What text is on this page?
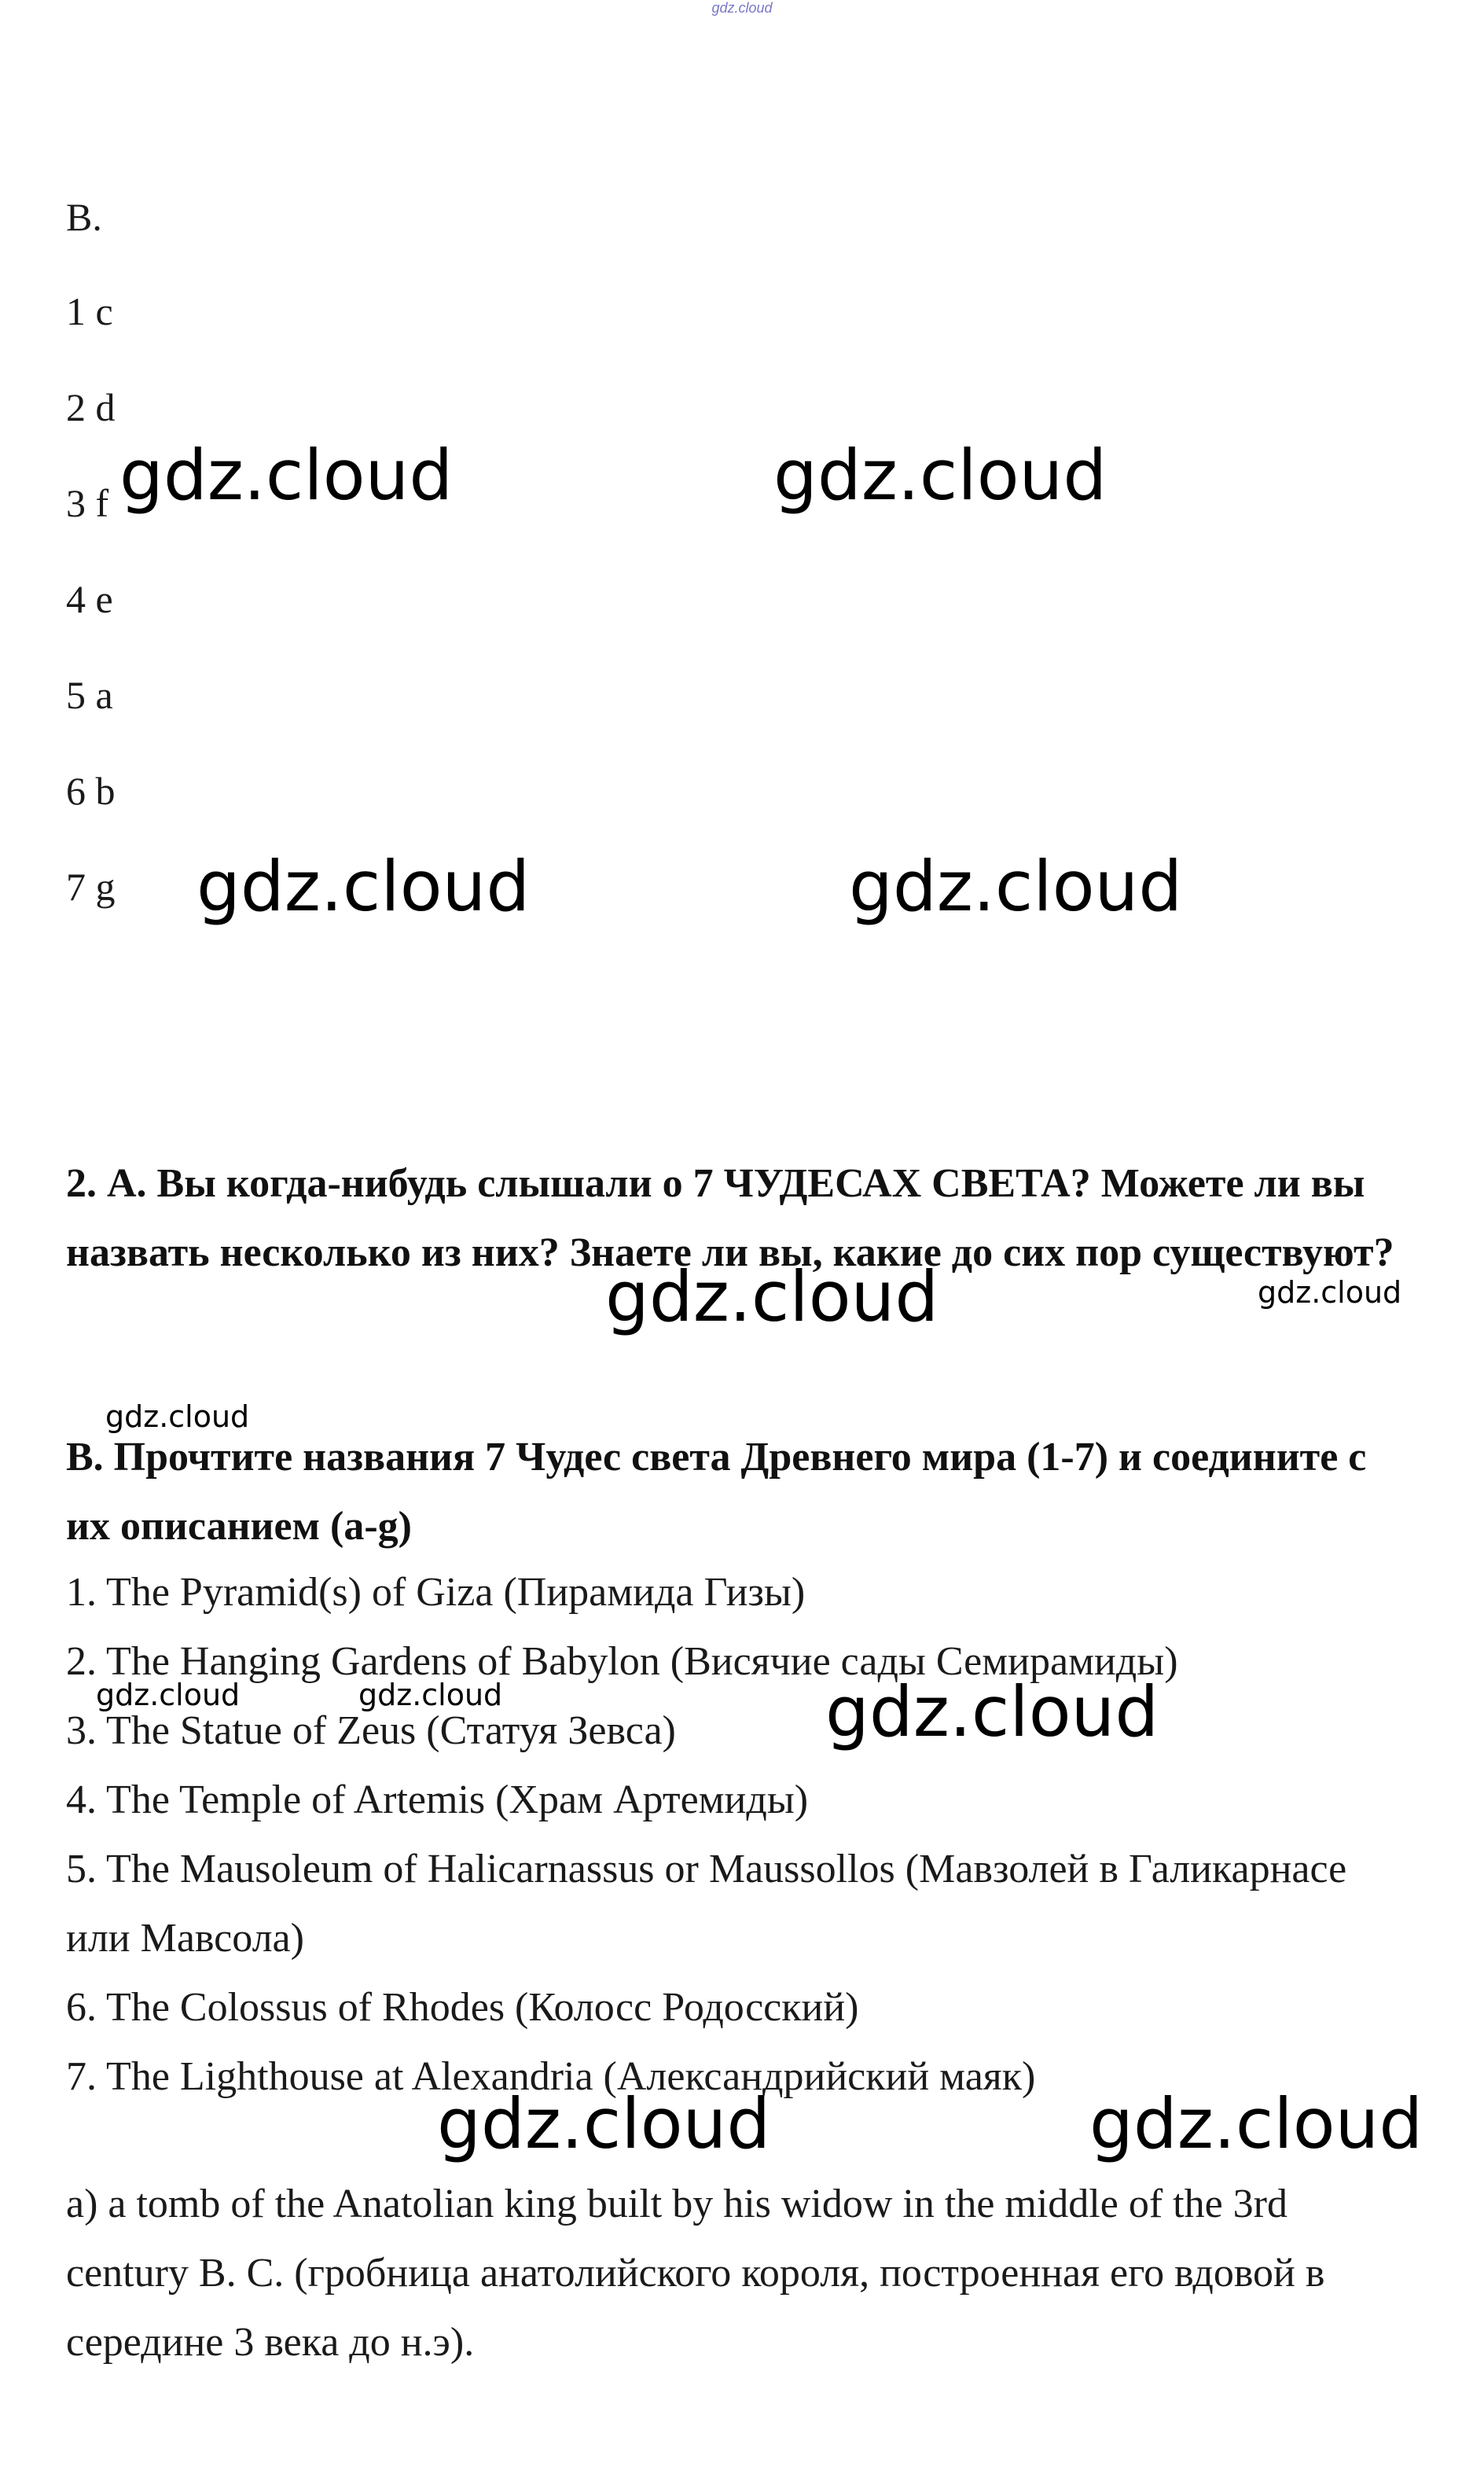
gdz.cloud
B.
1 c
2 d
3 f
4 e
5 a
6 b
7 g
2. А. Вы когда-нибудь слышали о 7 ЧУДЕСАХ СВЕТА? Можете ли вы назвать несколько из них? Знаете ли вы, какие до сих пор существуют?
B. Прочтите названия 7 Чудес света Древнего мира (1-7) и соедините с их описанием (a-g)
1. The Pyramid(s) of Giza (Пирамида Гизы)
2. The Hanging Gardens of Babylon (Висячие сады Семирамиды)
3. The Statue of Zeus (Статуя Зевса)
4. The Temple of Artemis (Храм Артемиды)
5. The Mausoleum of Halicarnassus or Maussollos (Мавзолей в Галикарнасе или Мавсола)
6. The Colossus of Rhodes (Колосс Родосский)
7. The Lighthouse at Alexandria (Александрийский маяк)
a) a tomb of the Anatolian king built by his widow in the middle of the 3rd century B. C. (гробница анатолийского короля, построенная его вдовой в середине 3 века до н.э).
gdz.cloud	gdz.cloud
gdz.cloud	gdz.cloud
gdz.cloud	gdz.cloud
gdz.cloud
gdz.cloud	gdz.cloud	gdz.cloud
gdz.cloud	gdz.cloud
